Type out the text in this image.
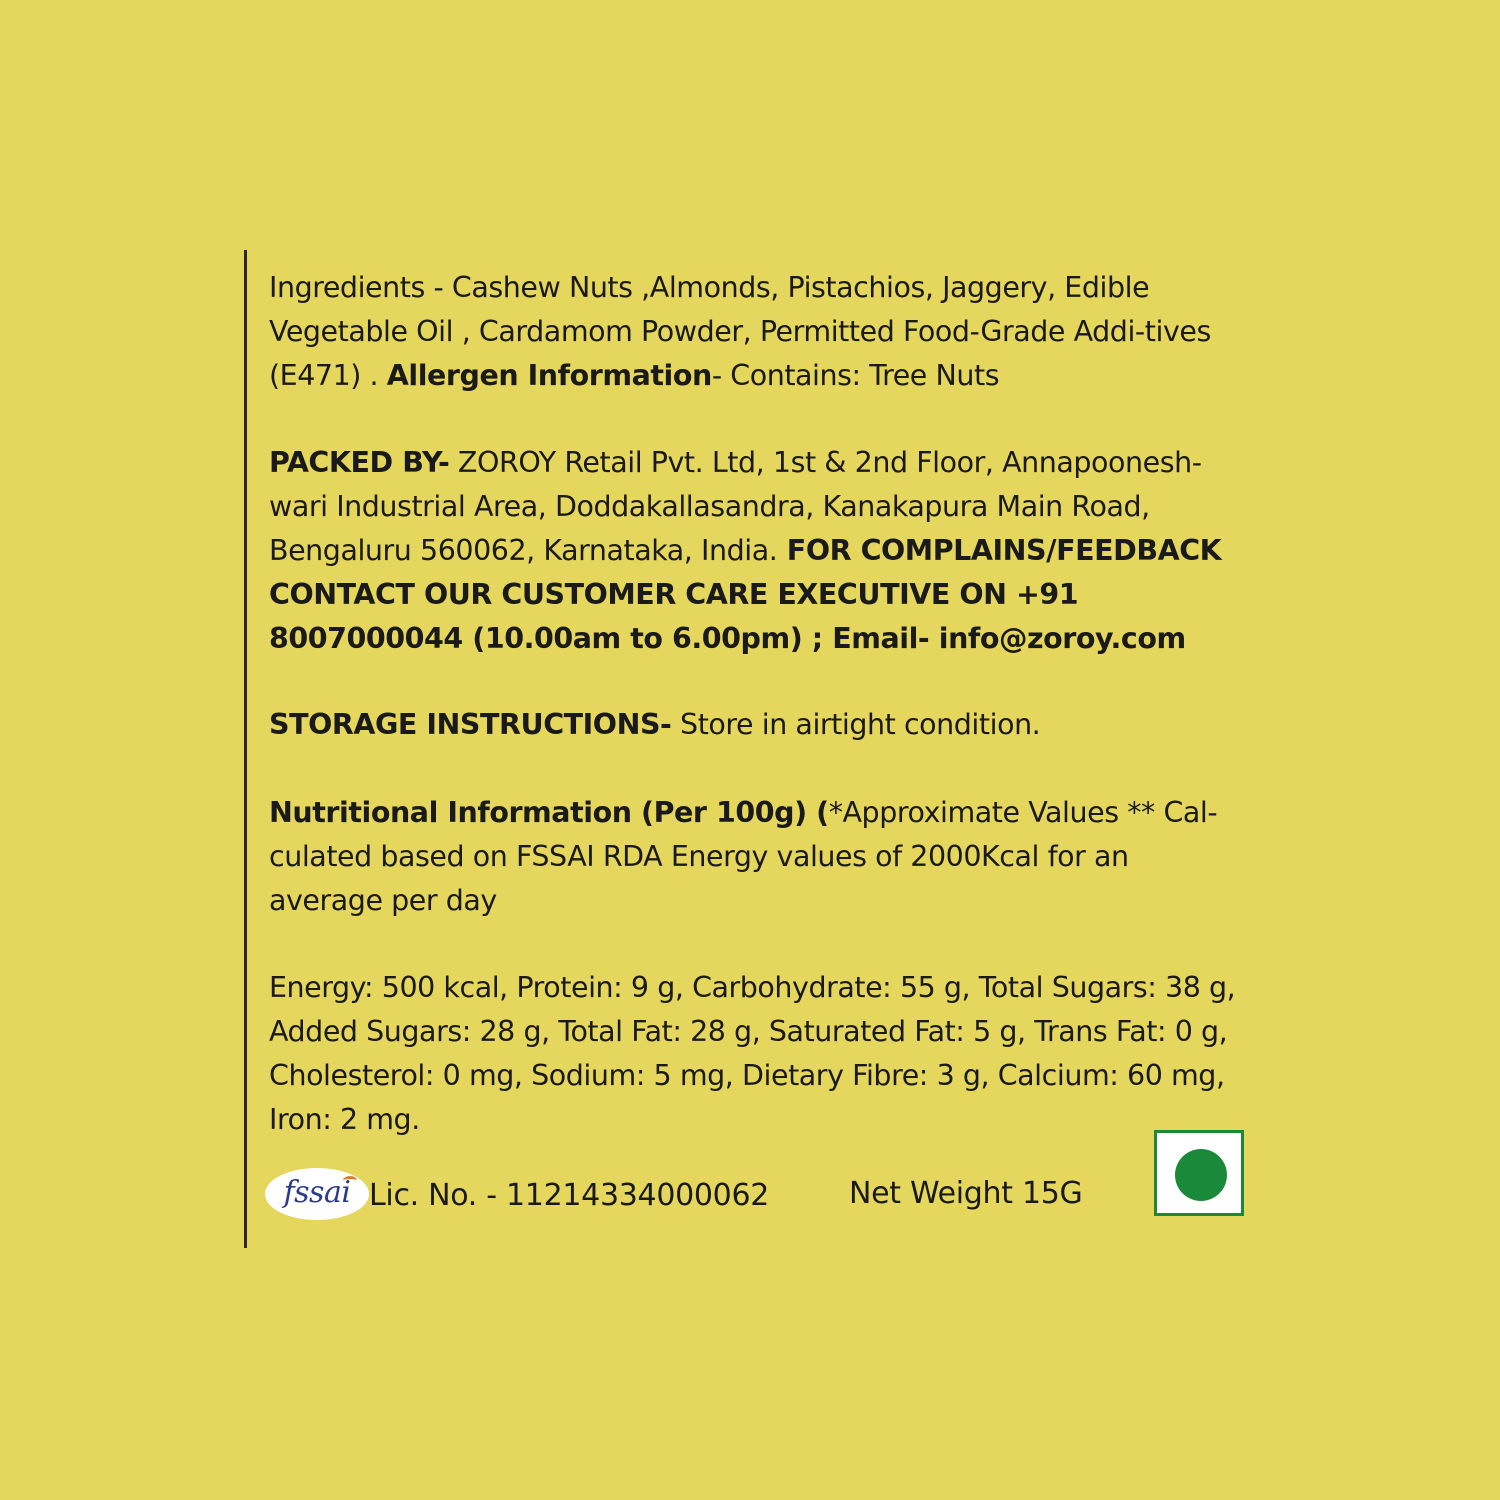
Ingredients - Cashew Nuts ,Almonds, Pistachios, Jaggery, Edible Vegetable Oil , Cardamom Powder, Permitted Food-Grade Addi-tives (E471) . Allergen Information- Contains: Tree Nuts
PACKED BY- ZOROY Retail Pvt. Ltd, 1st & 2nd Floor, Annapoonesh-wari Industrial Area, Doddakallasandra, Kanakapura Main Road, Bengaluru 560062, Karnataka, India. FOR COMPLAINS/FEEDBACK CONTACT OUR CUSTOMER CARE EXECUTIVE ON +91 8007000044 (10.00am to 6.00pm) ; Email- info@zoroy.com
STORAGE INSTRUCTIONS- Store in airtight condition.
Nutritional Information (Per 100g) (*Approximate Values ** Cal-culated based on FSSAI RDA Energy values of 2000Kcal for an average per day
Energy: 500 kcal, Protein: 9 g, Carbohydrate: 55 g, Total Sugars: 38 g, Added Sugars: 28 g, Total Fat: 28 g, Saturated Fat: 5 g, Trans Fat: 0 g, Cholesterol: 0 mg, Sodium: 5 mg, Dietary Fibre: 3 g, Calcium: 60 mg, Iron: 2 mg.
fssai Lic. No. - 11214334000062	Net Weight 15G
